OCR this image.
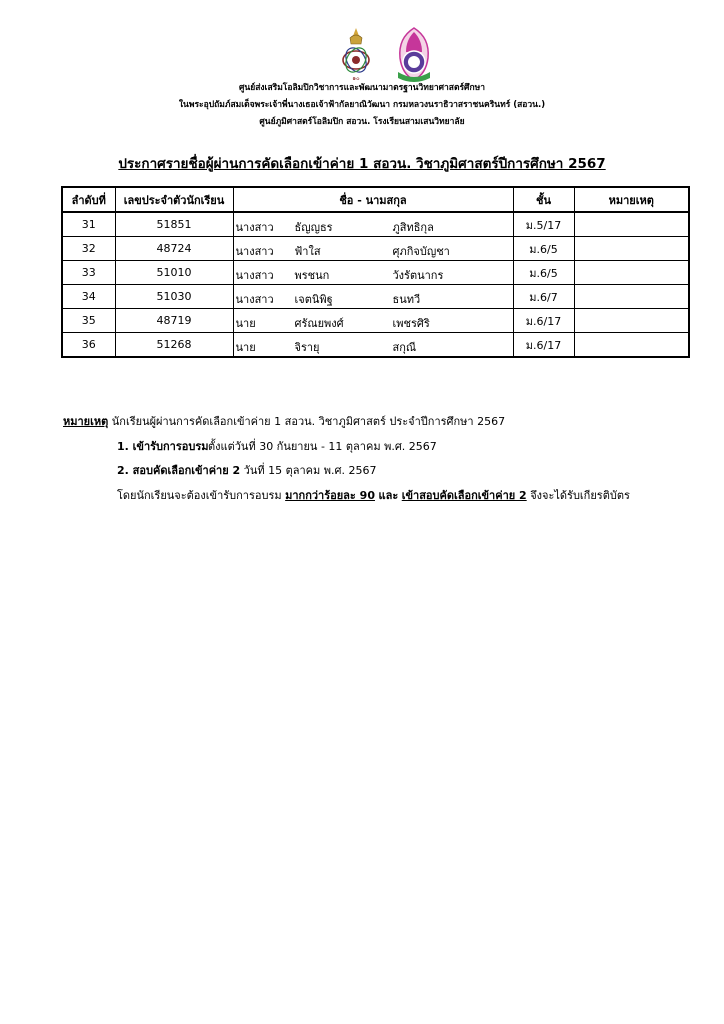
๑๐
ศูนย์ส่งเสริมโอลิมปิกวิชาการและพัฒนามาตรฐานวิทยาศาสตร์ศึกษา
ในพระอุปถัมภ์สมเด็จพระเจ้าพี่นางเธอเจ้าฟ้ากัลยาณิวัฒนา กรมหลวงนราธิวาสราชนครินทร์ (สอวน.)
ศูนย์ภูมิศาสตร์โอลิมปิก สอวน. โรงเรียนสามเสนวิทยาลัย
ประกาศรายชื่อผู้ผ่านการคัดเลือกเข้าค่าย 1 สอวน. วิชาภูมิศาสตร์ปีการศึกษา 2567
ลำดับที่	เลขประจำตัวนักเรียน	ชื่อ - นามสกุล	ชั้น	หมายเหตุ
31	51851	นางสาว ธัญญธร ภูสิทธิกุล	ม.5/17	
32	48724	นางสาว ฟ้าใส ศุภกิจบัญชา	ม.6/5	
33	51010	นางสาว พรชนก วังรัตนากร	ม.6/5	
34	51030	นางสาว เจตนิพิฐ ธนทวี	ม.6/7	
35	48719	นาย ศรัณยพงศ์ เพชรศิริ	ม.6/17	
36	51268	นาย จิรายุ สกุณี	ม.6/17	
หมายเหตุ นักเรียนผู้ผ่านการคัดเลือกเข้าค่าย 1 สอวน. วิชาภูมิศาสตร์ ประจำปีการศึกษา 2567
1. เข้ารับการอบรม ตั้งแต่วันที่ 30 กันยายน - 11 ตุลาคม พ.ศ. 2567
2. สอบคัดเลือกเข้าค่าย 2 วันที่ 15 ตุลาคม พ.ศ. 2567
โดยนักเรียนจะต้องเข้ารับการอบรม มากกว่าร้อยละ 90 และ เข้าสอบคัดเลือกเข้าค่าย 2 จึงจะได้รับเกียรติบัตร
